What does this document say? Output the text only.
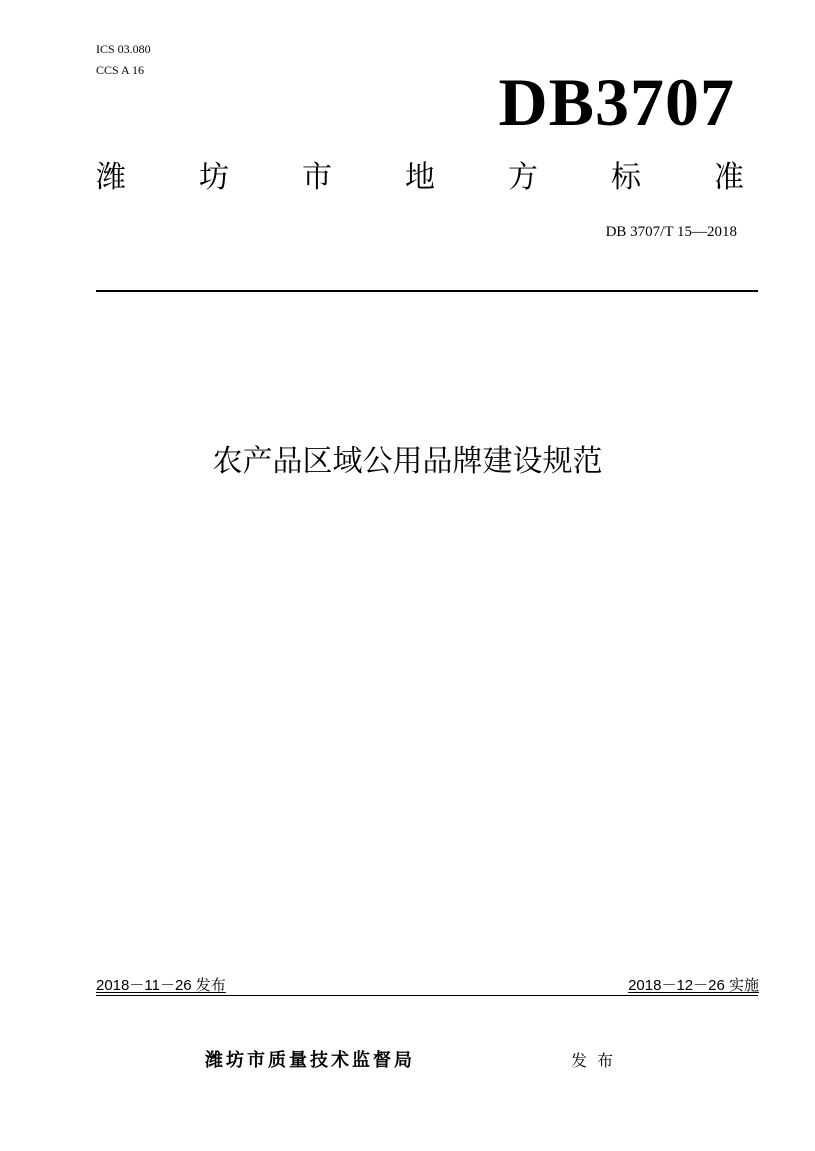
ICS 03.080
CCS A 16	DB3707
潍 坊 市 地 方 标 准
DB 3707/T 15—2018
农产品区域公用品牌建设规范
2018－11－26 发布	2018－12－26 实施
潍坊市质量技术监督局	发布
